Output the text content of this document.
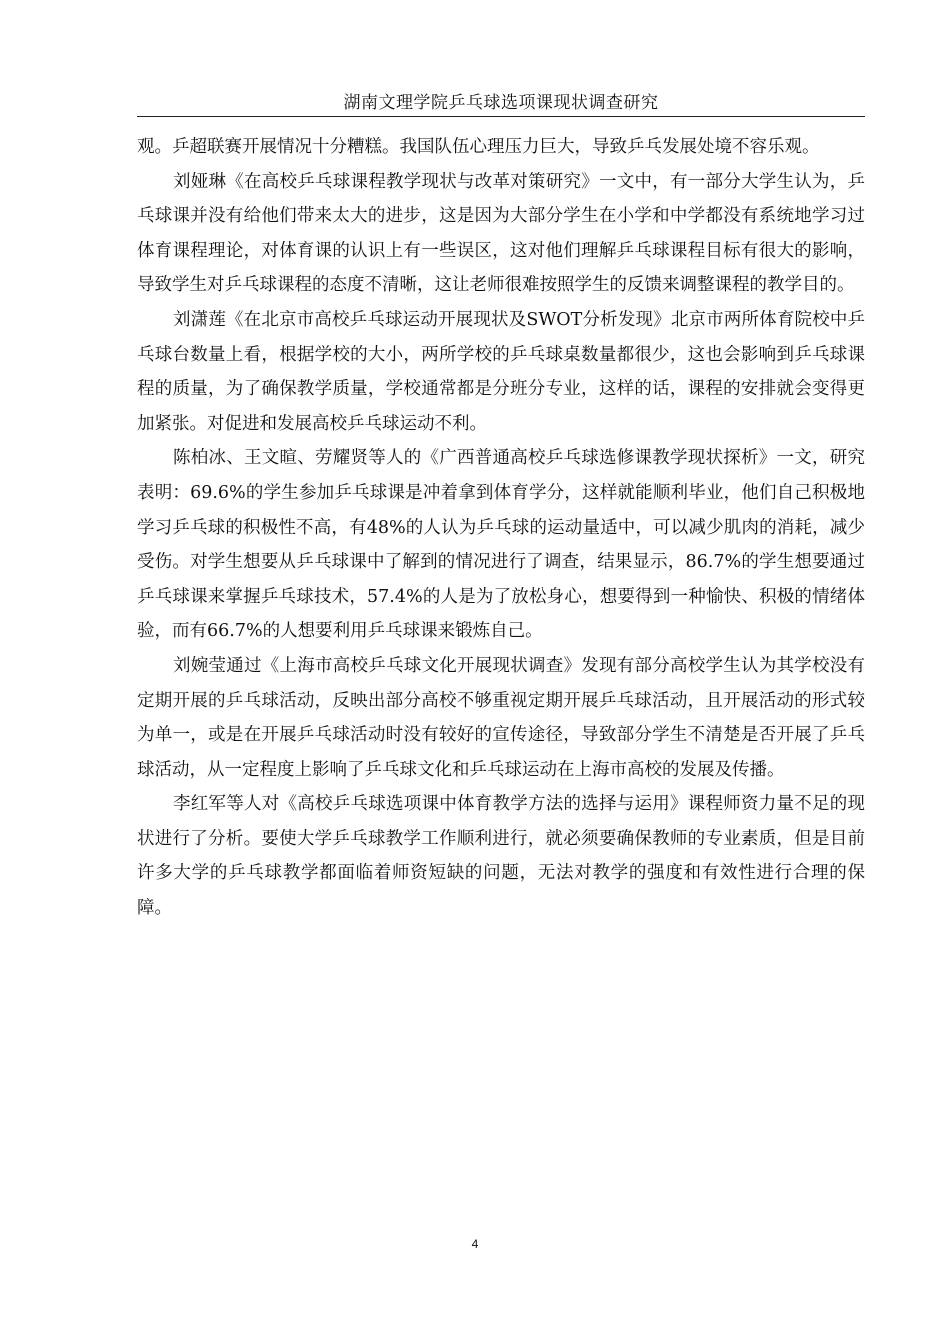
湖南文理学院乒乓球选项课现状调查研究

观。乒超联赛开展情况十分糟糕。我国队伍心理压力巨大，导致乒乓发展处境不容乐观。

刘娅琳《在高校乒乓球课程教学现状与改革对策研究》一文中，有一部分大学生认为，乒乓球课并没有给他们带来太大的进步，这是因为大部分学生在小学和中学都没有系统地学习过体育课程理论，对体育课的认识上有一些误区，这对他们理解乒乓球课程目标有很大的影响，导致学生对乒乓球课程的态度不清晰，这让老师很难按照学生的反馈来调整课程的教学目的。

刘潇莲《在北京市高校乒乓球运动开展现状及SWOT分析发现》北京市两所体育院校中乒乓球台数量上看，根据学校的大小，两所学校的乒乓球桌数量都很少，这也会影响到乒乓球课程的质量，为了确保教学质量，学校通常都是分班分专业，这样的话，课程的安排就会变得更加紧张。对促进和发展高校乒乓球运动不利。

陈柏冰、王文暄、劳耀贤等人的《广西普通高校乒乓球选修课教学现状探析》一文，研究表明：69.6%的学生参加乒乓球课是冲着拿到体育学分，这样就能顺利毕业，他们自己积极地学习乒乓球的积极性不高，有48%的人认为乒乓球的运动量适中，可以减少肌肉的消耗，减少受伤。对学生想要从乒乓球课中了解到的情况进行了调查，结果显示，86.7%的学生想要通过乒乓球课来掌握乒乓球技术，57.4%的人是为了放松身心，想要得到一种愉快、积极的情绪体验，而有66.7%的人想要利用乒乓球课来锻炼自己。

刘婉莹通过《上海市高校乒乓球文化开展现状调查》发现有部分高校学生认为其学校没有定期开展的乒乓球活动，反映出部分高校不够重视定期开展乒乓球活动，且开展活动的形式较为单一，或是在开展乒乓球活动时没有较好的宣传途径，导致部分学生不清楚是否开展了乒乓球活动，从一定程度上影响了乒乓球文化和乒乓球运动在上海市高校的发展及传播。

李红军等人对《高校乒乓球选项课中体育教学方法的选择与运用》课程师资力量不足的现状进行了分析。要使大学乒乓球教学工作顺利进行，就必须要确保教师的专业素质，但是目前许多大学的乒乓球教学都面临着师资短缺的问题，无法对教学的强度和有效性进行合理的保障。

4
